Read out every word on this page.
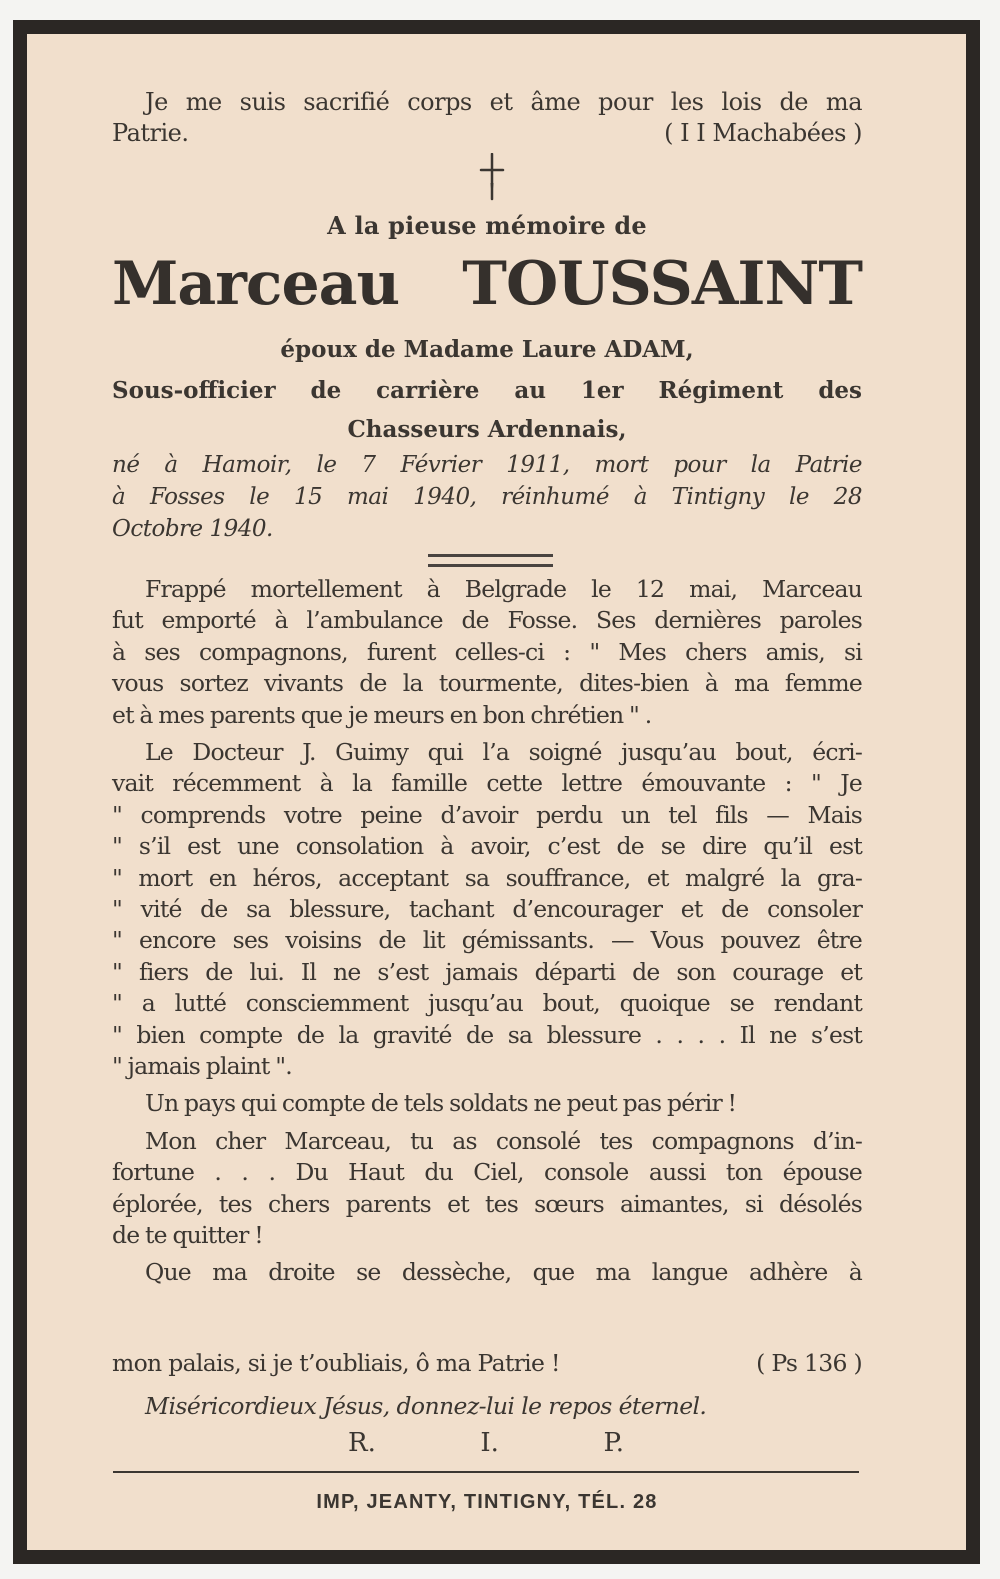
Je me suis sacrifié corps et âme pour les lois de ma
Patrie.	( I I Machabées )
A la pieuse mémoire de
Marceau TOUSSAINT
époux de Madame Laure ADAM,
Sous-officier de carrière au 1er Régiment des
Chasseurs Ardennais,
né à Hamoir, le 7 Février 1911, mort pour la Patrie
à Fosses le 15 mai 1940, réinhumé à Tintigny le 28
Octobre 1940.
Frappé mortellement à Belgrade le 12 mai, Marceau
fut emporté à l’ambulance de Fosse. Ses dernières paroles
à ses compagnons, furent celles-ci : " Mes chers amis, si
vous sortez vivants de la tourmente, dites-bien à ma femme
et à mes parents que je meurs en bon chrétien " .
Le Docteur J. Guimy qui l’a soigné jusqu’au bout, écri-
vait récemment à la famille cette lettre émouvante : " Je
" comprends votre peine d’avoir perdu un tel fils — Mais
" s’il est une consolation à avoir, c’est de se dire qu’il est
" mort en héros, acceptant sa souffrance, et malgré la gra-
" vité de sa blessure, tachant d’encourager et de consoler
" encore ses voisins de lit gémissants. — Vous pouvez être
" fiers de lui. Il ne s’est jamais départi de son courage et
" a lutté consciemment jusqu’au bout, quoique se rendant
" bien compte de la gravité de sa blessure . . . . Il ne s’est
" jamais plaint ".
Un pays qui compte de tels soldats ne peut pas périr !
Mon cher Marceau, tu as consolé tes compagnons d’in-
fortune . . . Du Haut du Ciel, console aussi ton épouse
éplorée, tes chers parents et tes sœurs aimantes, si désolés
de te quitter !
Que ma droite se dessèche, que ma langue adhère à
mon palais, si je t’oubliais, ô ma Patrie !	( Ps 136 )
Miséricordieux Jésus, donnez-lui le repos éternel.
R.	I.	P.
IMP, JEANTY, TINTIGNY, TÉL. 28
